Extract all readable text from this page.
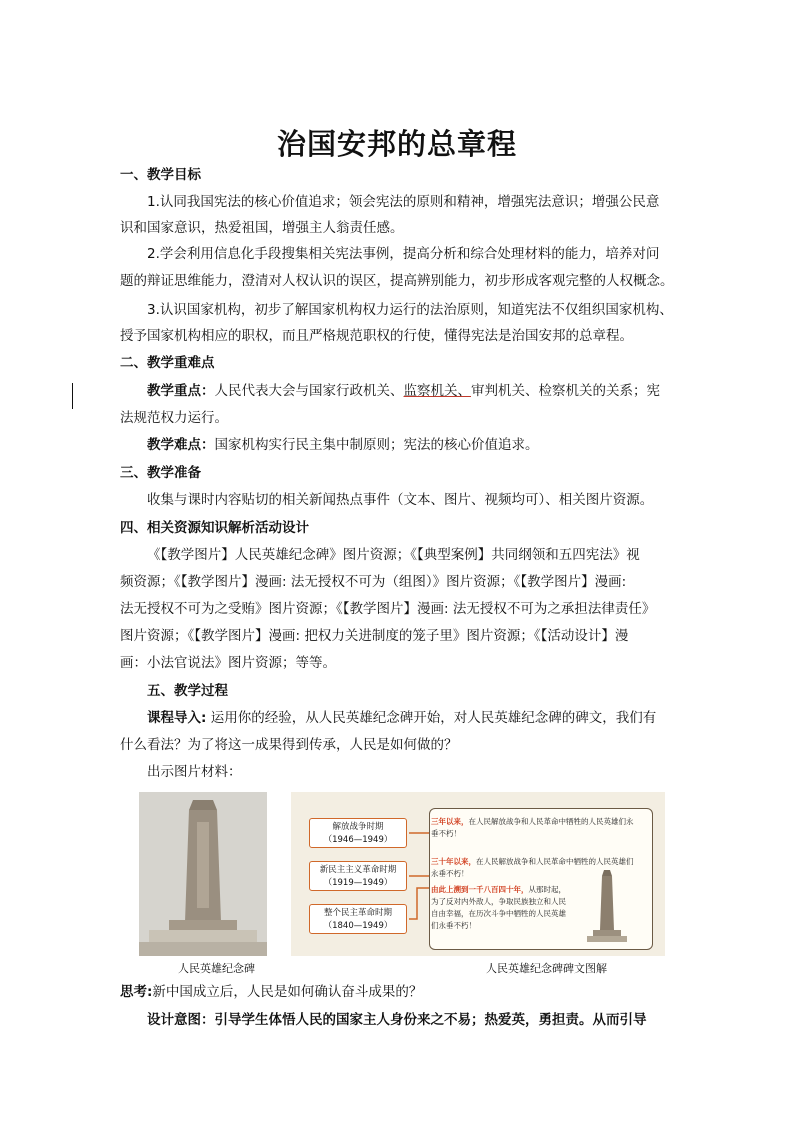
治国安邦的总章程
一、教学目标
1.认同我国宪法的核心价值追求；领会宪法的原则和精神，增强宪法意识；增强公民意
识和国家意识，热爱祖国，增强主人翁责任感。
2.学会利用信息化手段搜集相关宪法事例，提高分析和综合处理材料的能力，培养对问
题的辩证思维能力，澄清对人权认识的误区，提高辨别能力，初步形成客观完整的人权概念。
3.认识国家机构，初步了解国家机构权力运行的法治原则，知道宪法不仅组织国家机构、
授予国家机构相应的职权，而且严格规范职权的行使，懂得宪法是治国安邦的总章程。
二、教学重难点
教学重点：人民代表大会与国家行政机关、监察机关、审判机关、检察机关的关系；宪
法规范权力运行。
教学难点：国家机构实行民主集中制原则；宪法的核心价值追求。
三、教学准备
收集与课时内容贴切的相关新闻热点事件（文本、图片、视频均可）、相关图片资源。
四、相关资源知识解析活动设计
《【教学图片】人民英雄纪念碑》图片资源；《【典型案例】共同纲领和五四宪法》视
频资源；《【教学图片】漫画: 法无授权不可为（组图）》图片资源；《【教学图片】漫画:
法无授权不可为之受贿》图片资源；《【教学图片】漫画: 法无授权不可为之承担法律责任》
图片资源；《【教学图片】漫画: 把权力关进制度的笼子里》图片资源；《【活动设计】漫
画：小法官说法》图片资源；等等。
五、教学过程
课程导入: 运用你的经验，从人民英雄纪念碑开始，对人民英雄纪念碑的碑文，我们有
什么看法？为了将这一成果得到传承，人民是如何做的？
出示图片材料：
人民英雄纪念碑
解放战争时期
（1946—1949）
新民主主义革命时期
（1919—1949）
整个民主革命时期
（1840—1949）
三年以来，在人民解放战争和人民革命中牺牲的人民英雄们永垂不朽！
三十年以来，在人民解放战争和人民革命中牺牲的人民英雄们永垂不朽！
由此上溯到一千八百四十年，从那时起，为了反对内外敌人，争取民族独立和人民自由幸福，在历次斗争中牺牲的人民英雄们永垂不朽！
人民英雄纪念碑碑文图解
思考:新中国成立后，人民是如何确认奋斗成果的？
设计意图：引导学生体悟人民的国家主人身份来之不易；热爱英，勇担责。从而引导
